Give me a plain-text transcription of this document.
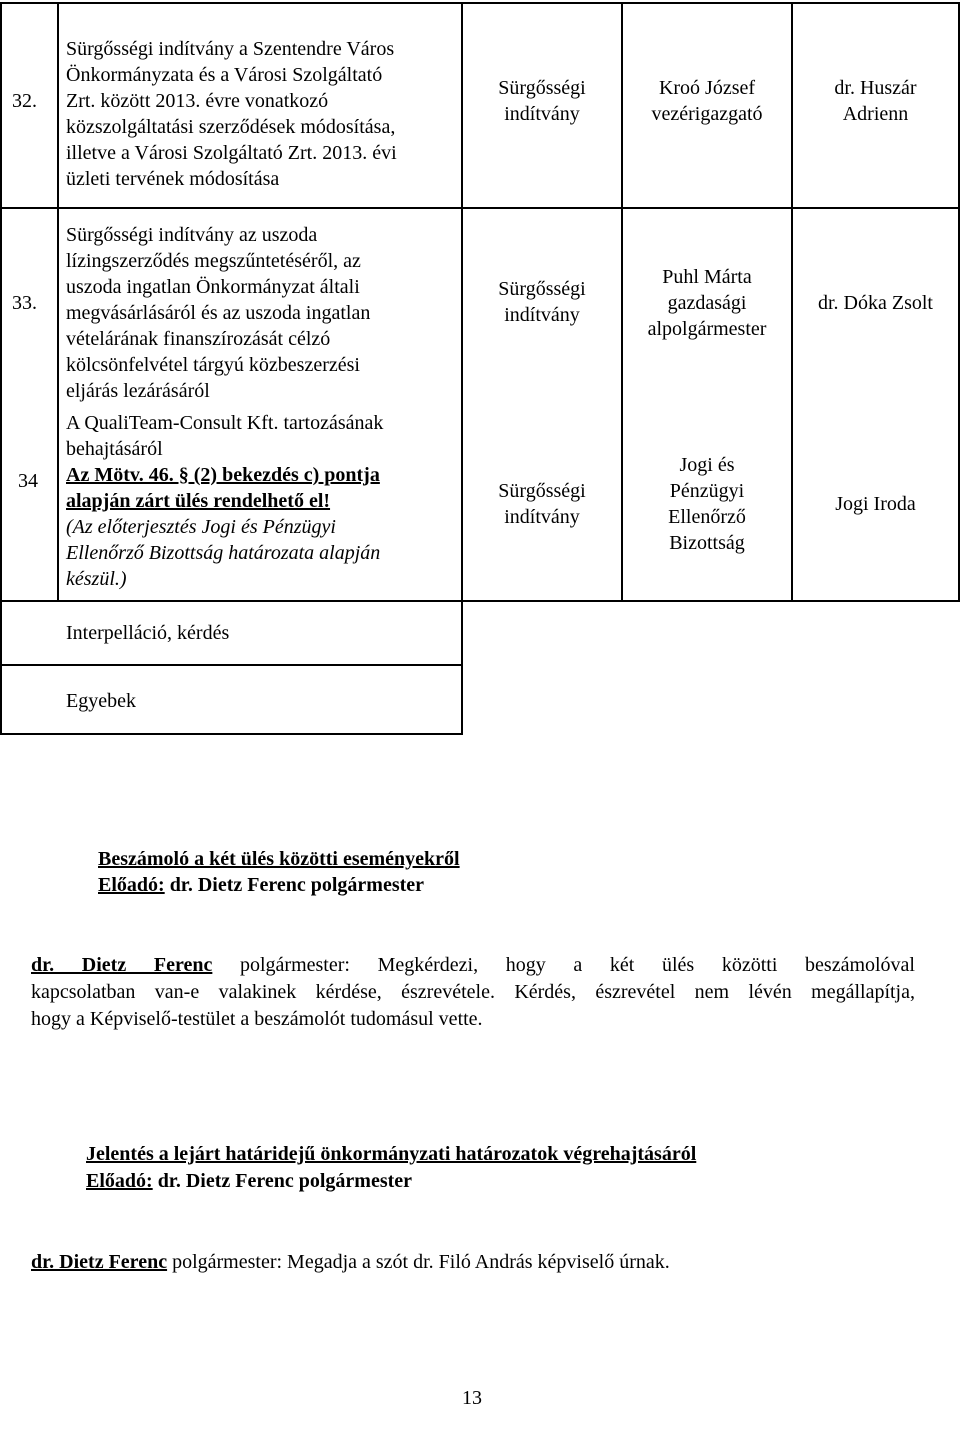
32.
Sürgősségi indítvány a Szentendre Város
Önkormányzata és a Városi Szolgáltató
Zrt. között 2013. évre vonatkozó
közszolgáltatási szerződések módosítása,
illetve a Városi Szolgáltató Zrt. 2013. évi
üzleti tervének módosítása
Sürgősségi
indítvány
Kroó József
vezérigazgató
dr. Huszár
Adrienn
33.
Sürgősségi indítvány az uszoda
lízingszerződés megszűntetéséről, az
uszoda ingatlan Önkormányzat általi
megvásárlásáról és az uszoda ingatlan
vételárának finanszírozását célzó
kölcsönfelvétel tárgyú közbeszerzési
eljárás lezárásáról
Sürgősségi
indítvány
Puhl Márta
gazdasági
alpolgármester
dr. Dóka Zsolt
34
A QualiTeam-Consult Kft. tartozásának
behajtásáról
Az Mötv. 46. § (2) bekezdés c) pontja
alapján zárt ülés rendelhető el!
(Az előterjesztés Jogi és Pénzügyi
Ellenőrző Bizottság határozata alapján
készül.)
Sürgősségi
indítvány
Jogi és
Pénzügyi
Ellenőrző
Bizottság
Jogi Iroda
Interpelláció, kérdés
Egyebek
Beszámoló a két ülés közötti eseményekről
Előadó: dr. Dietz Ferenc polgármester
dr. Dietz Ferenc polgármester: Megkérdezi, hogy a két ülés közötti beszámolóval
kapcsolatban van-e valakinek kérdése, észrevétele. Kérdés, észrevétel nem lévén megállapítja,
hogy a Képviselő-testület a beszámolót tudomásul vette.
Jelentés a lejárt határidejű önkormányzati határozatok végrehajtásáról
Előadó: dr. Dietz Ferenc polgármester
dr. Dietz Ferenc polgármester: Megadja a szót dr. Filó András képviselő úrnak.
13
